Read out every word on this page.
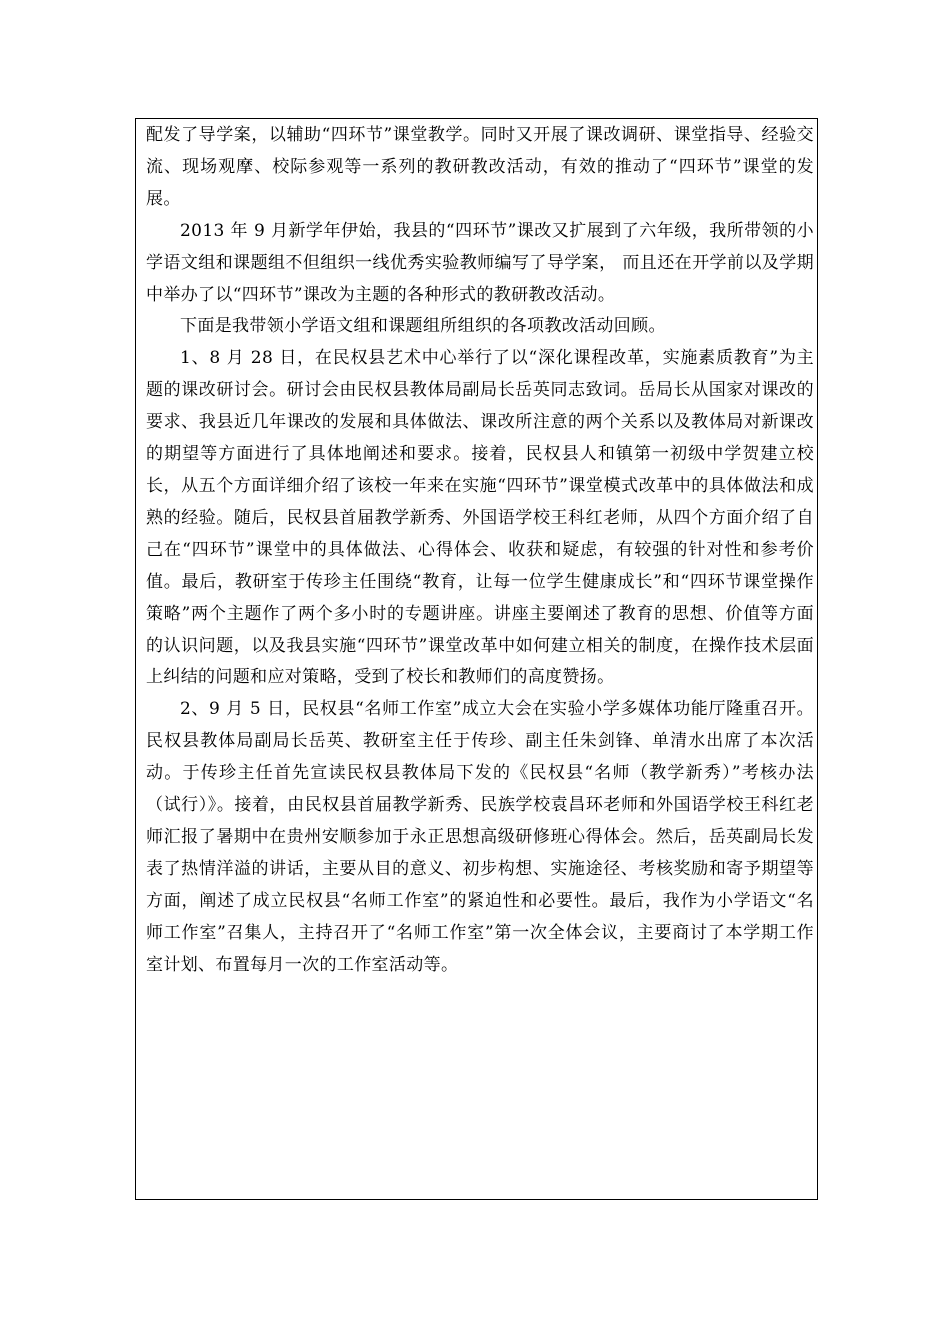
配发了导学案，以辅助“四环节”课堂教学。同时又开展了课改调研、课堂指导、经验交流、现场观摩、校际参观等一系列的教研教改活动，有效的推动了“四环节”课堂的发展。

2013 年 9 月新学年伊始，我县的“四环节”课改又扩展到了六年级，我所带领的小学语文组和课题组不但组织一线优秀实验教师编写了导学案， 而且还在开学前以及学期中举办了以“四环节”课改为主题的各种形式的教研教改活动。

下面是我带领小学语文组和课题组所组织的各项教改活动回顾。

1、8 月 28 日，在民权县艺术中心举行了以“深化课程改革，实施素质教育”为主题的课改研讨会。研讨会由民权县教体局副局长岳英同志致词。岳局长从国家对课改的要求、我县近几年课改的发展和具体做法、课改所注意的两个关系以及教体局对新课改的期望等方面进行了具体地阐述和要求。接着，民权县人和镇第一初级中学贺建立校长，从五个方面详细介绍了该校一年来在实施“四环节”课堂模式改革中的具体做法和成熟的经验。随后，民权县首届教学新秀、外国语学校王科红老师，从四个方面介绍了自己在“四环节”课堂中的具体做法、心得体会、收获和疑虑，有较强的针对性和参考价值。最后，教研室于传珍主任围绕“教育，让每一位学生健康成长”和“四环节课堂操作策略”两个主题作了两个多小时的专题讲座。讲座主要阐述了教育的思想、价值等方面的认识问题，以及我县实施“四环节”课堂改革中如何建立相关的制度，在操作技术层面上纠结的问题和应对策略，受到了校长和教师们的高度赞扬。

2、9 月 5 日，民权县“名师工作室”成立大会在实验小学多媒体功能厅隆重召开。民权县教体局副局长岳英、教研室主任于传珍、副主任朱剑锋、单清水出席了本次活动。于传珍主任首先宣读民权县教体局下发的《民权县“名师（教学新秀）”考核办法（试行）》。接着，由民权县首届教学新秀、民族学校袁昌环老师和外国语学校王科红老师汇报了暑期中在贵州安顺参加于永正思想高级研修班心得体会。然后，岳英副局长发表了热情洋溢的讲话，主要从目的意义、初步构想、实施途径、考核奖励和寄予期望等方面，阐述了成立民权县“名师工作室”的紧迫性和必要性。最后，我作为小学语文“名师工作室”召集人，主持召开了“名师工作室”第一次全体会议，主要商讨了本学期工作室计划、布置每月一次的工作室活动等。
